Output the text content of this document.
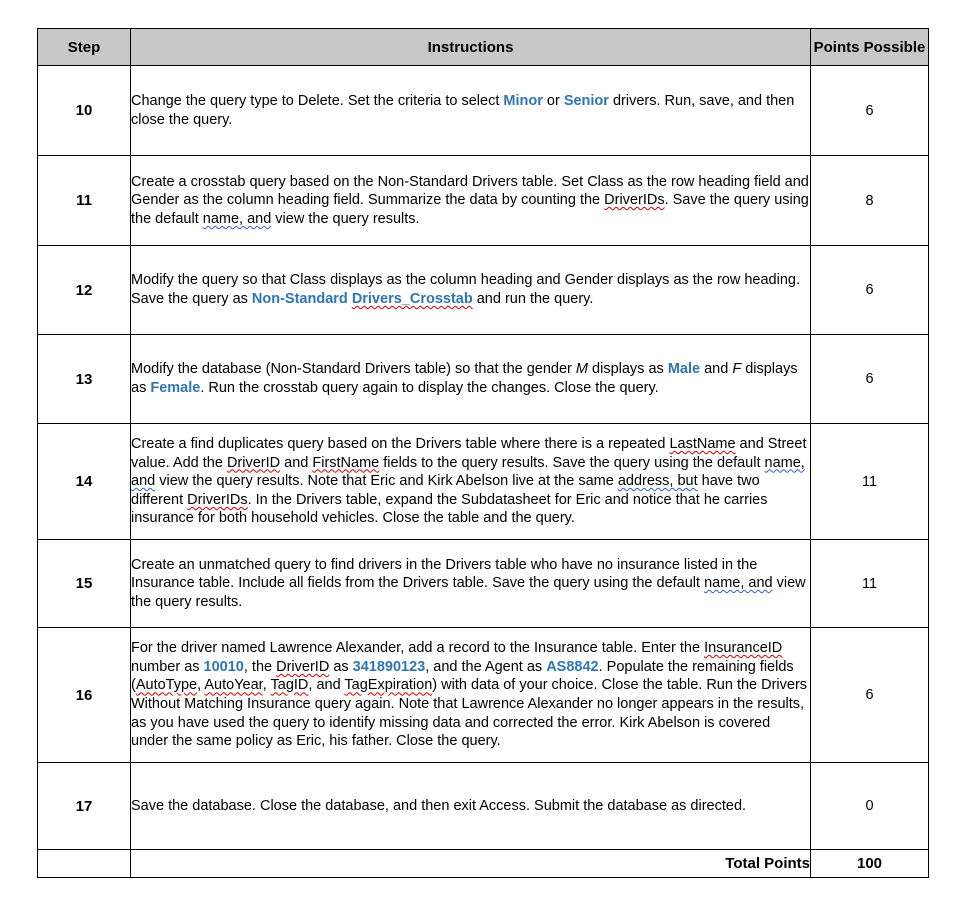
Step	Instructions	Points Possible
10	Change the query type to Delete. Set the criteria to select Minor or Senior drivers. Run, save, and then close the query.	6
11	Create a crosstab query based on the Non-Standard Drivers table. Set Class as the row heading field and Gender as the column heading field. Summarize the data by counting the DriverIDs. Save the query using the default name, and view the query results.	8
12	Modify the query so that Class displays as the column heading and Gender displays as the row heading. Save the query as Non-Standard Drivers_Crosstab and run the query.	6
13	Modify the database (Non-Standard Drivers table) so that the gender M displays as Male and F displays as Female. Run the crosstab query again to display the changes. Close the query.	6
14	Create a find duplicates query based on the Drivers table where there is a repeated LastName and Street value. Add the DriverID and FirstName fields to the query results. Save the query using the default name, and view the query results. Note that Eric and Kirk Abelson live at the same address, but have two different DriverIDs. In the Drivers table, expand the Subdatasheet for Eric and notice that he carries insurance for both household vehicles. Close the table and the query.	11
15	Create an unmatched query to find drivers in the Drivers table who have no insurance listed in the Insurance table. Include all fields from the Drivers table. Save the query using the default name, and view the query results.	11
16	For the driver named Lawrence Alexander, add a record to the Insurance table. Enter the InsuranceID number as 10010, the DriverID as 341890123, and the Agent as AS8842. Populate the remaining fields (AutoType, AutoYear, TagID, and TagExpiration) with data of your choice. Close the table. Run the Drivers Without Matching Insurance query again. Note that Lawrence Alexander no longer appears in the results, as you have used the query to identify missing data and corrected the error. Kirk Abelson is covered under the same policy as Eric, his father. Close the query.	6
17	Save the database. Close the database, and then exit Access. Submit the database as directed.	0
	Total Points	100
